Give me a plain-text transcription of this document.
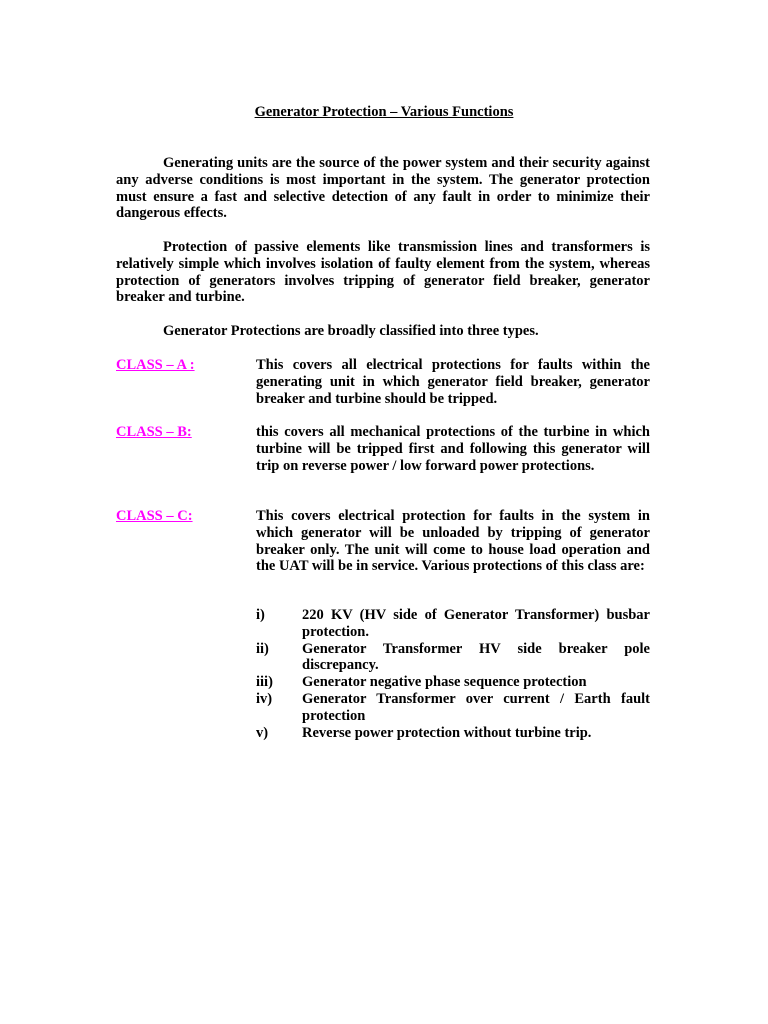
Generator Protection – Various Functions

Generating units are the source of the power system and their security against any adverse conditions is most important in the system. The generator protection must ensure a fast and selective detection of any fault in order to minimize their dangerous effects.

Protection of passive elements like transmission lines and transformers is relatively simple which involves isolation of faulty element from the system, whereas protection of generators involves tripping of generator field breaker, generator breaker and turbine.

Generator Protections are broadly classified into three types.

CLASS – A :	This covers all electrical protections for faults within the generating unit in which generator field breaker, generator breaker and turbine should be tripped.

CLASS – B:	this covers all mechanical protections of the turbine in which turbine will be tripped first and following this generator will trip on reverse power / low forward power protections.

CLASS – C:	This covers electrical protection for faults in the system in which generator will be unloaded by tripping of generator breaker only. The unit will come to house load operation and the UAT will be in service. Various protections of this class are:

i)	220 KV (HV side of Generator Transformer) busbar protection.
ii)	Generator Transformer HV side breaker pole discrepancy.
iii)	Generator negative phase sequence protection
iv)	Generator Transformer over current / Earth fault protection
v)	Reverse power protection without turbine trip.
